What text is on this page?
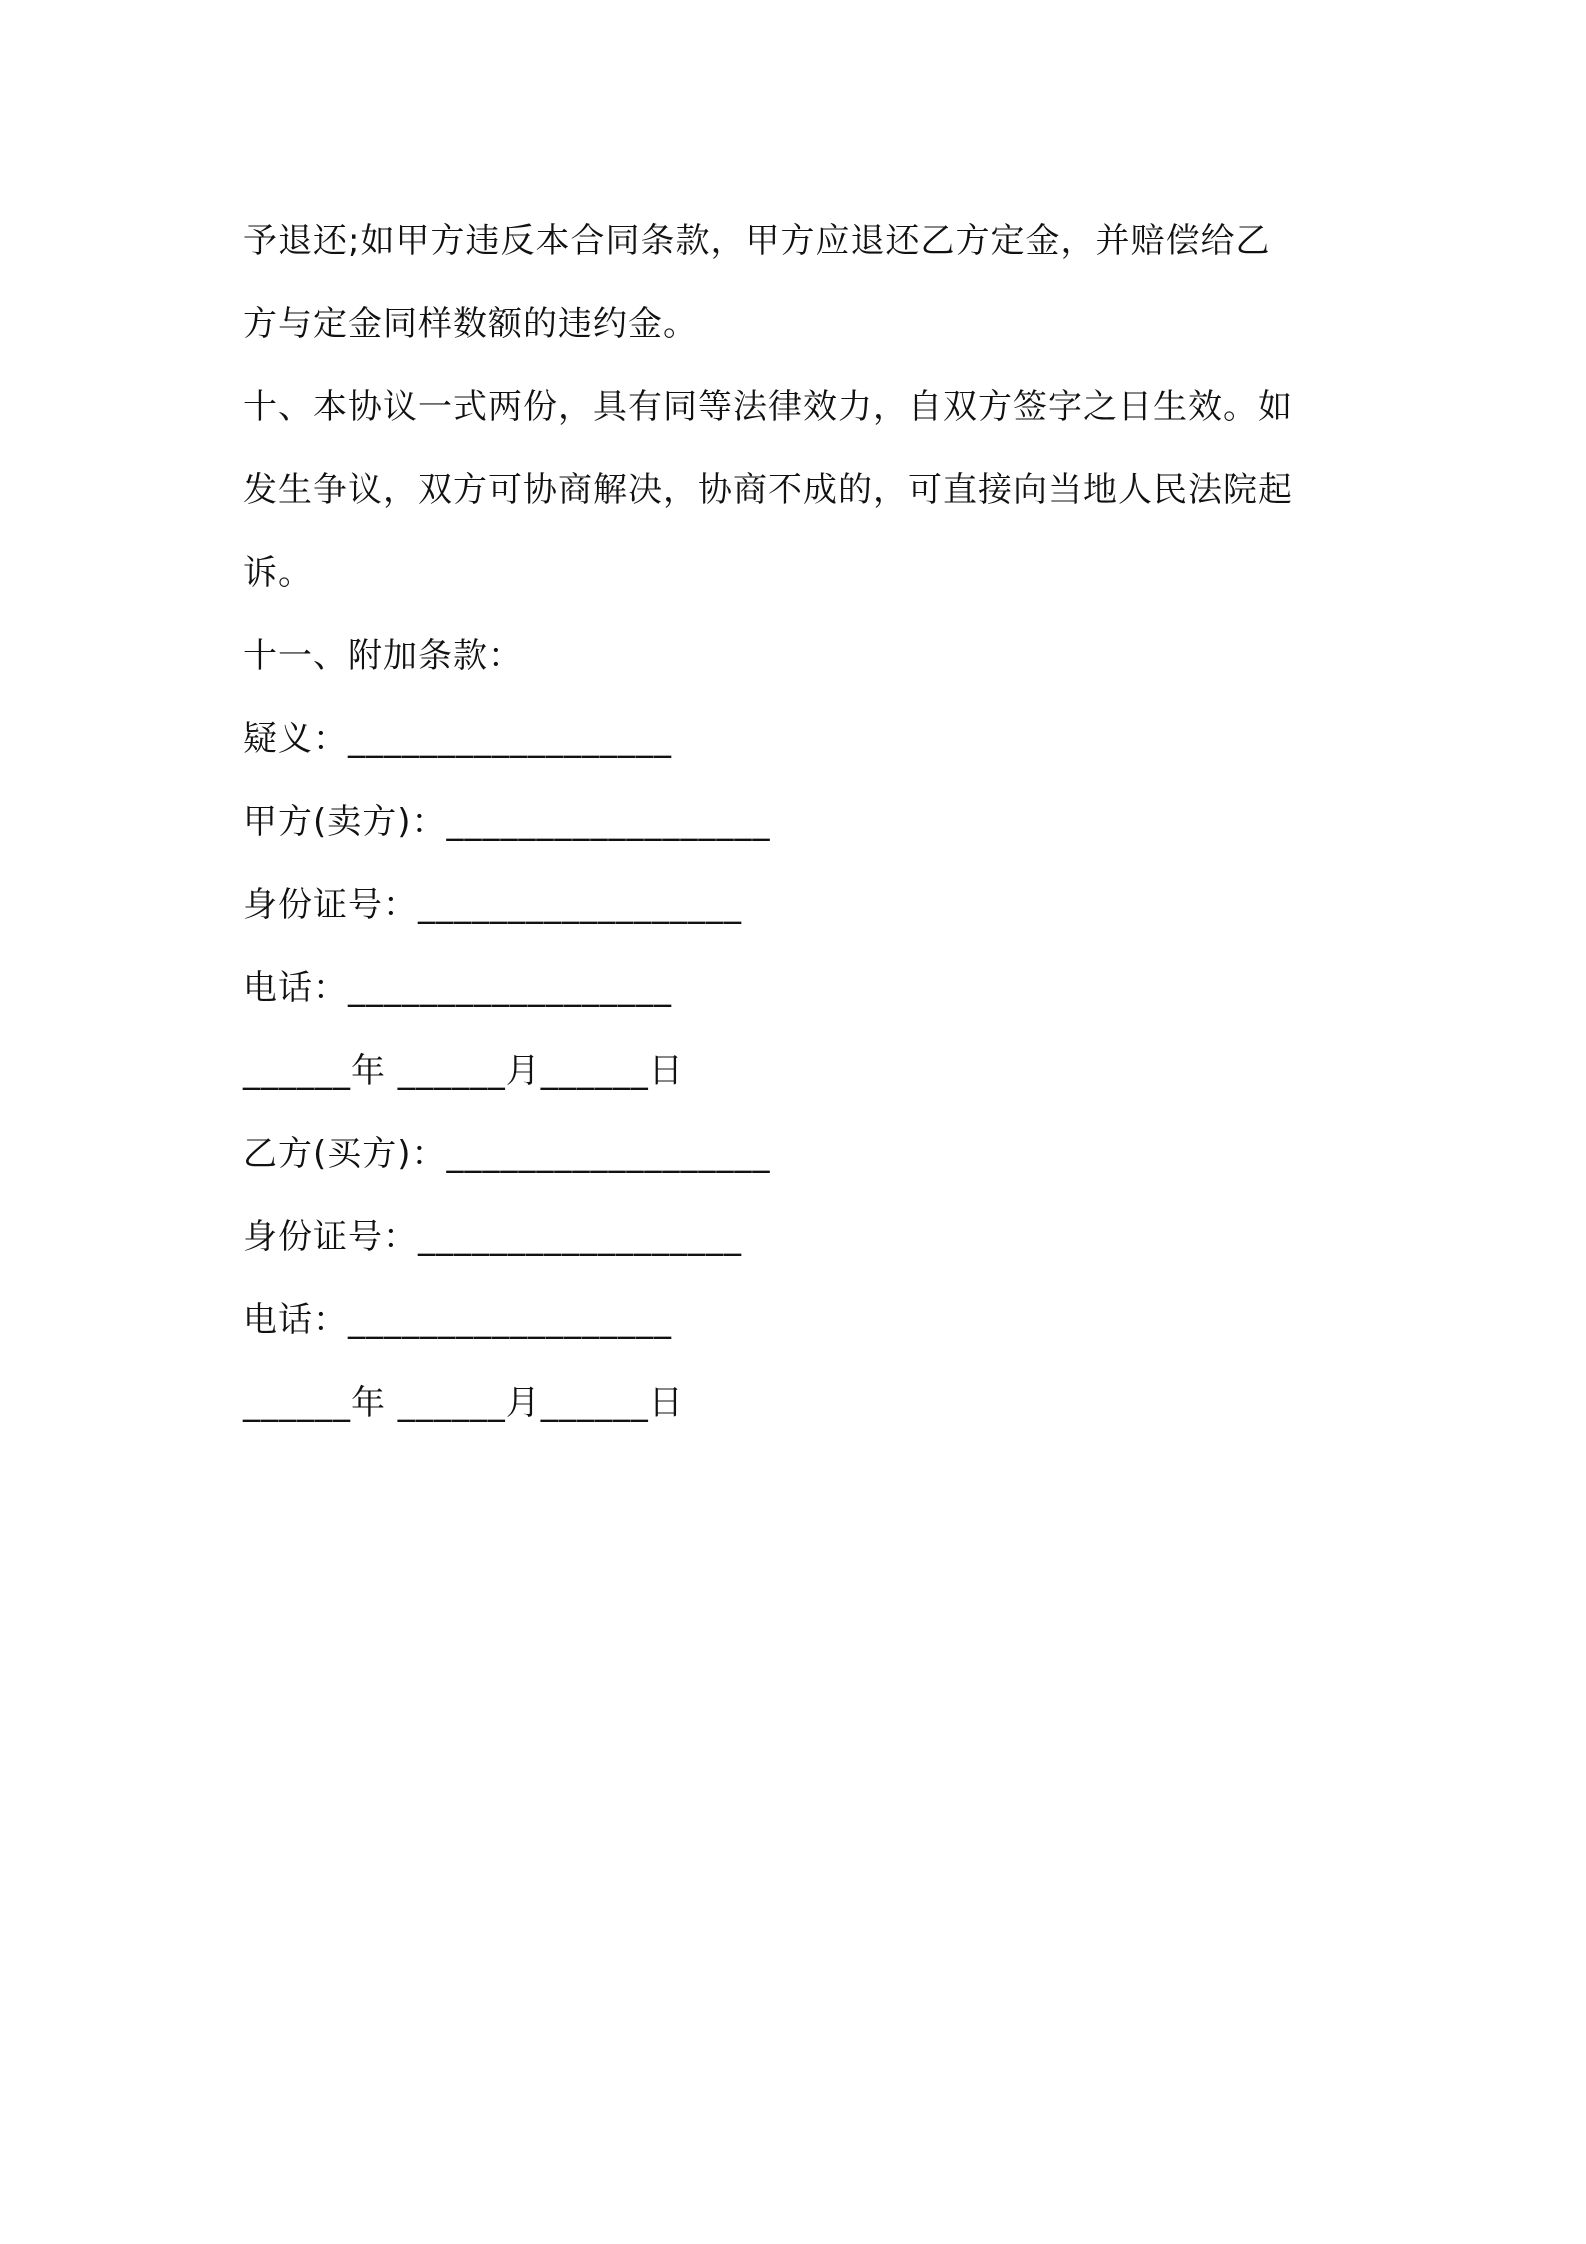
予退还;如甲方违反本合同条款，甲方应退还乙方定金，并赔偿给乙
方与定金同样数额的违约金。
十、本协议一式两份，具有同等法律效力，自双方签字之日生效。如
发生争议，双方可协商解决，协商不成的，可直接向当地人民法院起
诉。
十一、附加条款：
疑义：__________________
甲方(卖方)：__________________
身份证号：__________________
电话：__________________
______年 ______月______日
乙方(买方)：__________________
身份证号：__________________
电话：__________________
______年 ______月______日
